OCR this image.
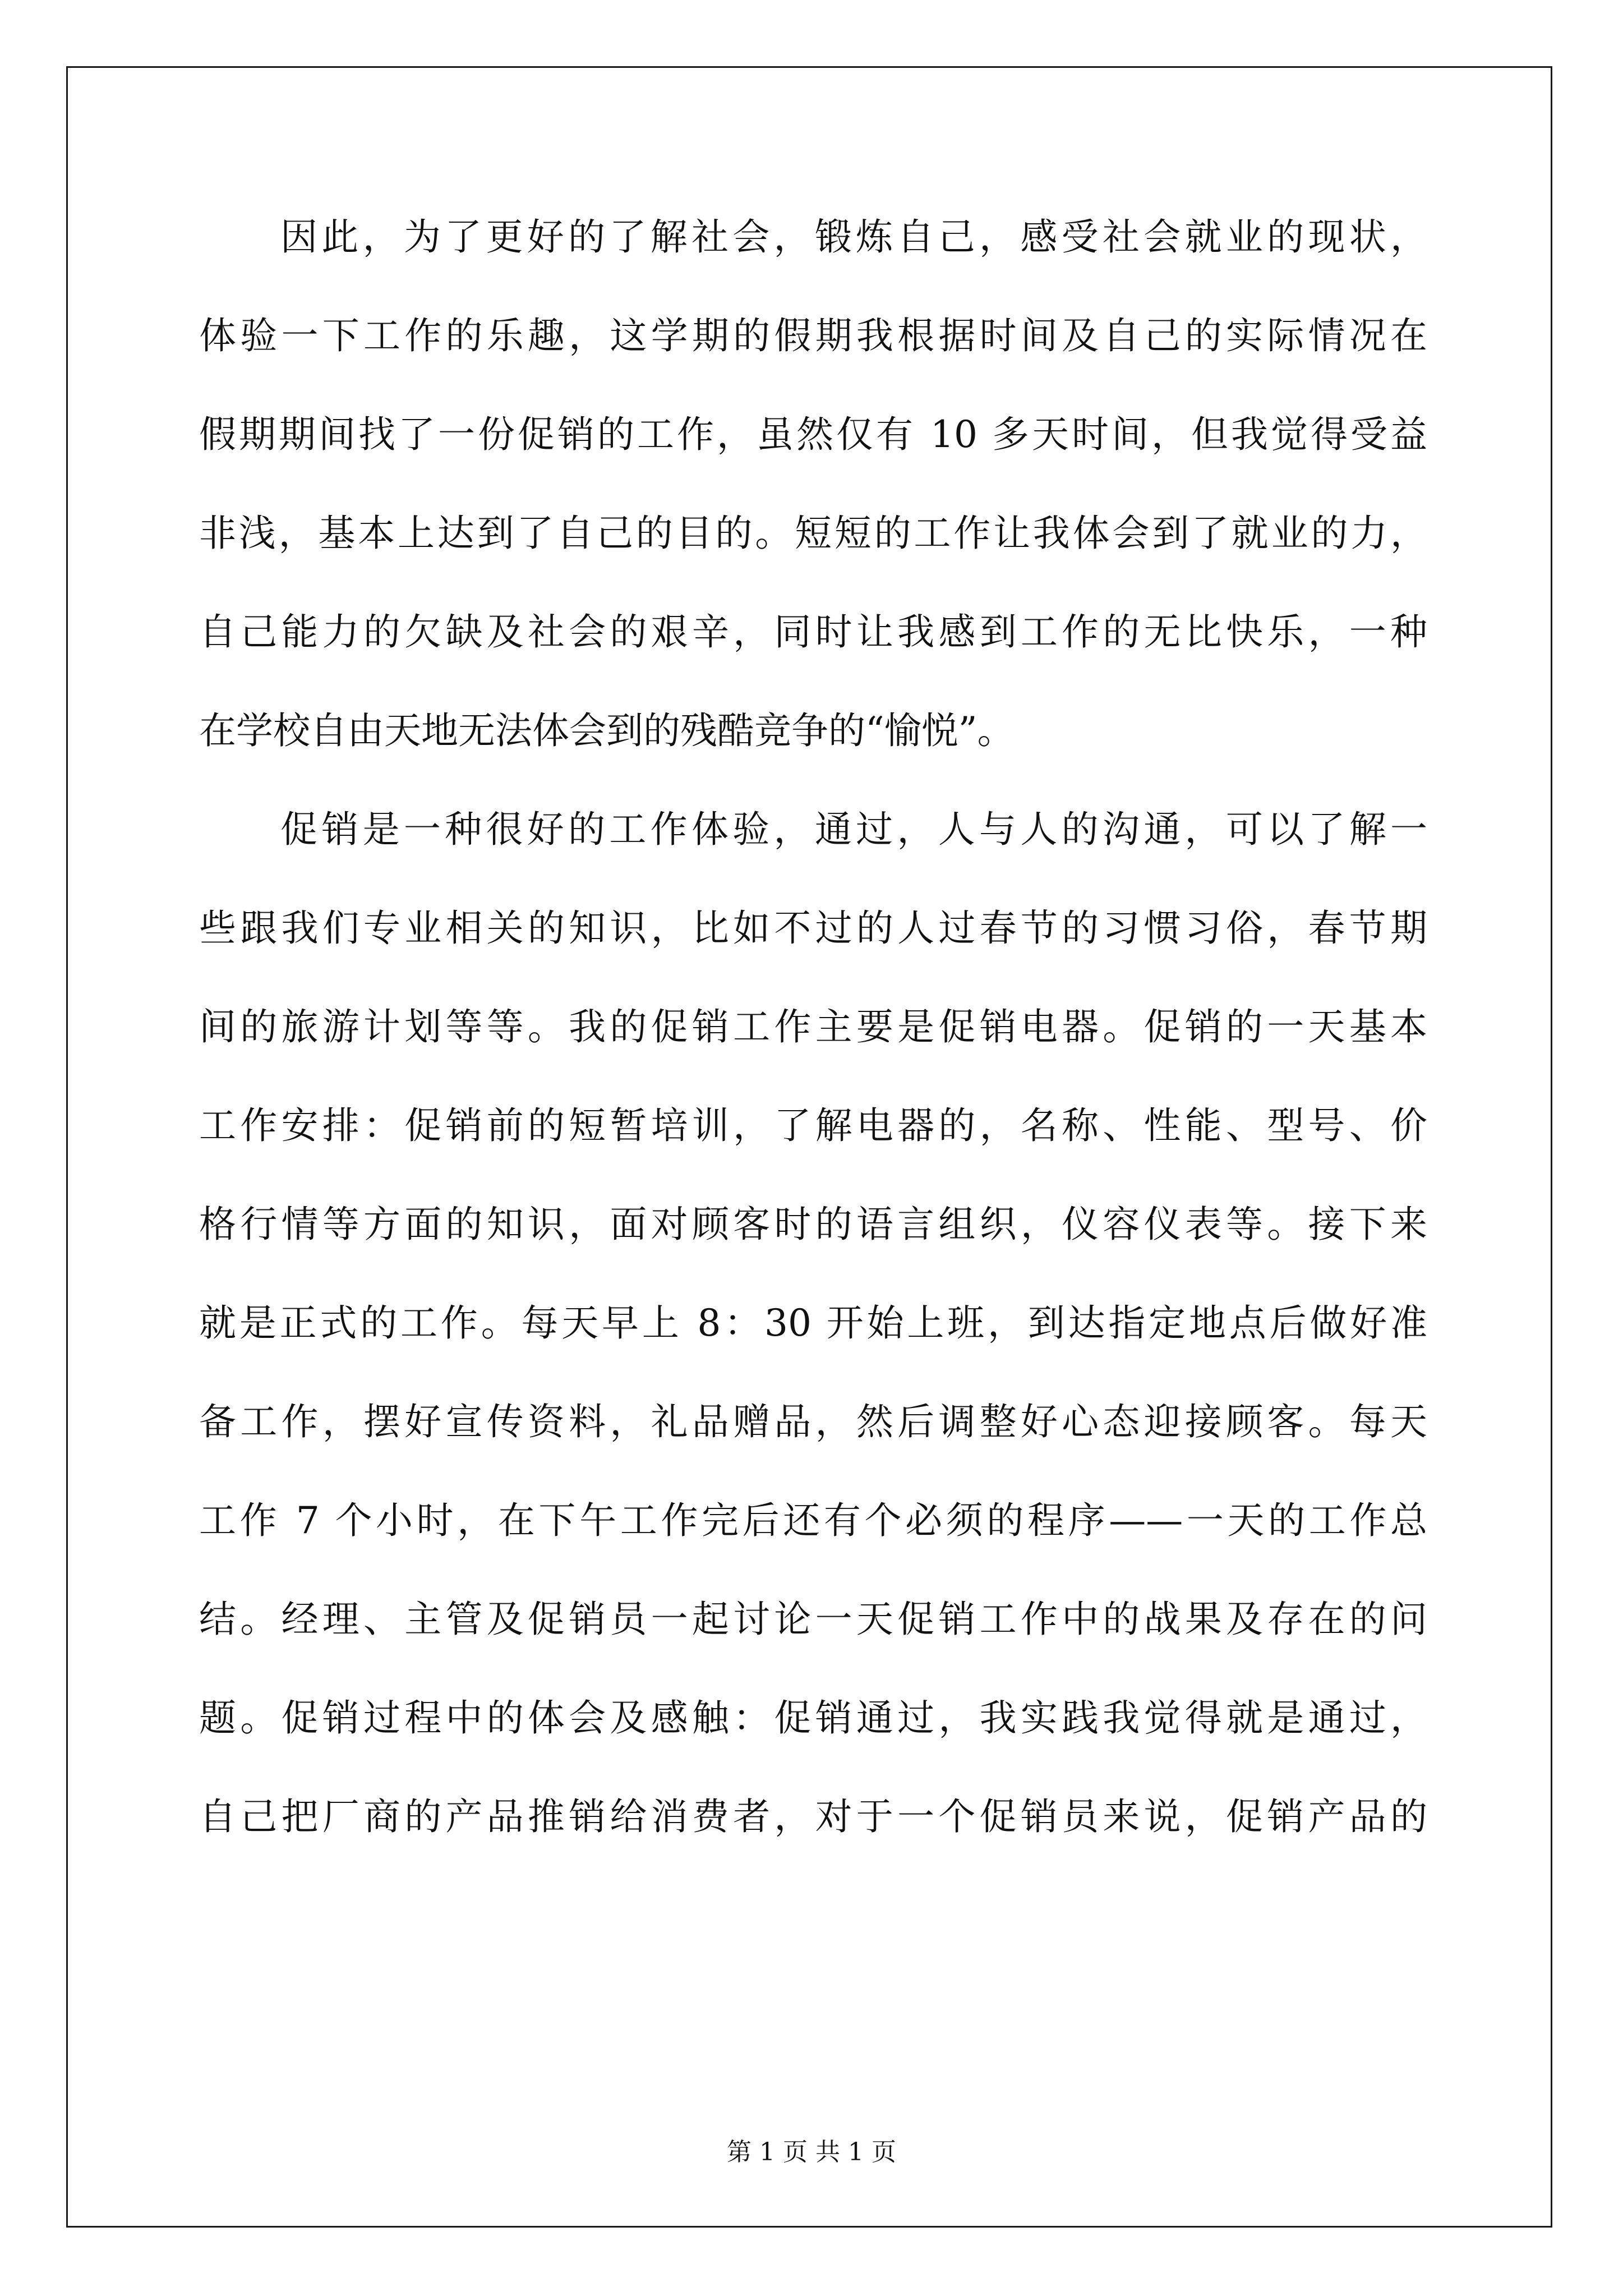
因此，为了更好的了解社会，锻炼自己，感受社会就业的现状，
体验一下工作的乐趣，这学期的假期我根据时间及自己的实际情况在
假期期间找了一份促销的工作，虽然仅有 10 多天时间，但我觉得受益
非浅，基本上达到了自己的目的。短短的工作让我体会到了就业的力，
自己能力的欠缺及社会的艰辛，同时让我感到工作的无比快乐，一种
在学校自由天地无法体会到的残酷竞争的“愉悦”。
促销是一种很好的工作体验，通过，人与人的沟通，可以了解一
些跟我们专业相关的知识，比如不过的人过春节的习惯习俗，春节期
间的旅游计划等等。我的促销工作主要是促销电器。促销的一天基本
工作安排：促销前的短暂培训，了解电器的，名称、性能、型号、价
格行情等方面的知识，面对顾客时的语言组织，仪容仪表等。接下来
就是正式的工作。每天早上 8：30 开始上班，到达指定地点后做好准
备工作，摆好宣传资料，礼品赠品，然后调整好心态迎接顾客。每天
工作 7 个小时，在下午工作完后还有个必须的程序——一天的工作总
结。经理、主管及促销员一起讨论一天促销工作中的战果及存在的问
题。促销过程中的体会及感触：促销通过，我实践我觉得就是通过，
自己把厂商的产品推销给消费者，对于一个促销员来说，促销产品的
第 1 页 共 1 页
